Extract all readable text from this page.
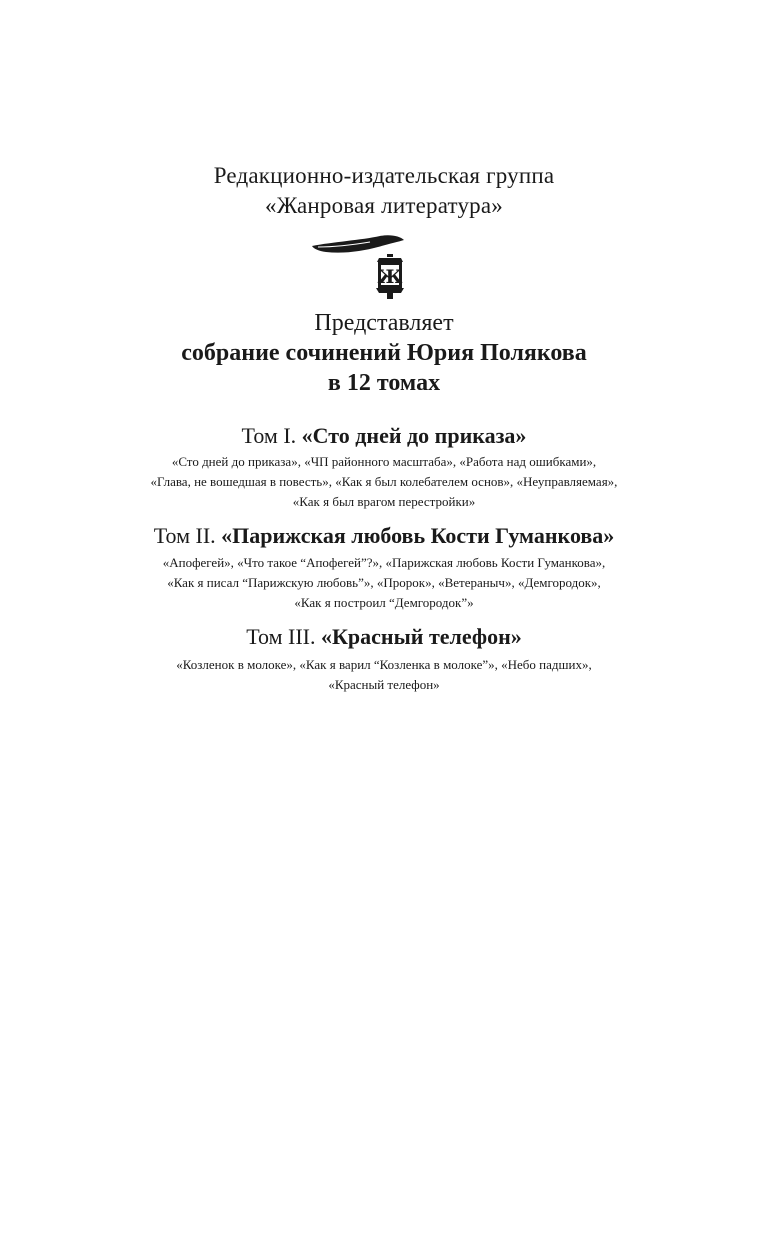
Редакционно-издательская группа
«Жанровая литература»
Ж
Представляет
собрание сочинений Юрия Полякова
в 12 томах
Том I. «Сто дней до приказа»
«Сто дней до приказа», «ЧП районного масштаба», «Работа над ошибками»,
«Глава, не вошедшая в повесть», «Как я был колебателем основ», «Неуправляемая»,
«Как я был врагом перестройки»
Том II. «Парижская любовь Кости Гуманкова»
«Апофегей», «Что такое “Апофегей”?», «Парижская любовь Кости Гуманкова»,
«Как я писал “Парижскую любовь”», «Пророк», «Ветераныч», «Демгородок»,
«Как я построил “Демгородок”»
Том III. «Красный телефон»
«Козленок в молоке», «Как я варил “Козленка в молоке”», «Небо падших»,
«Красный телефон»
